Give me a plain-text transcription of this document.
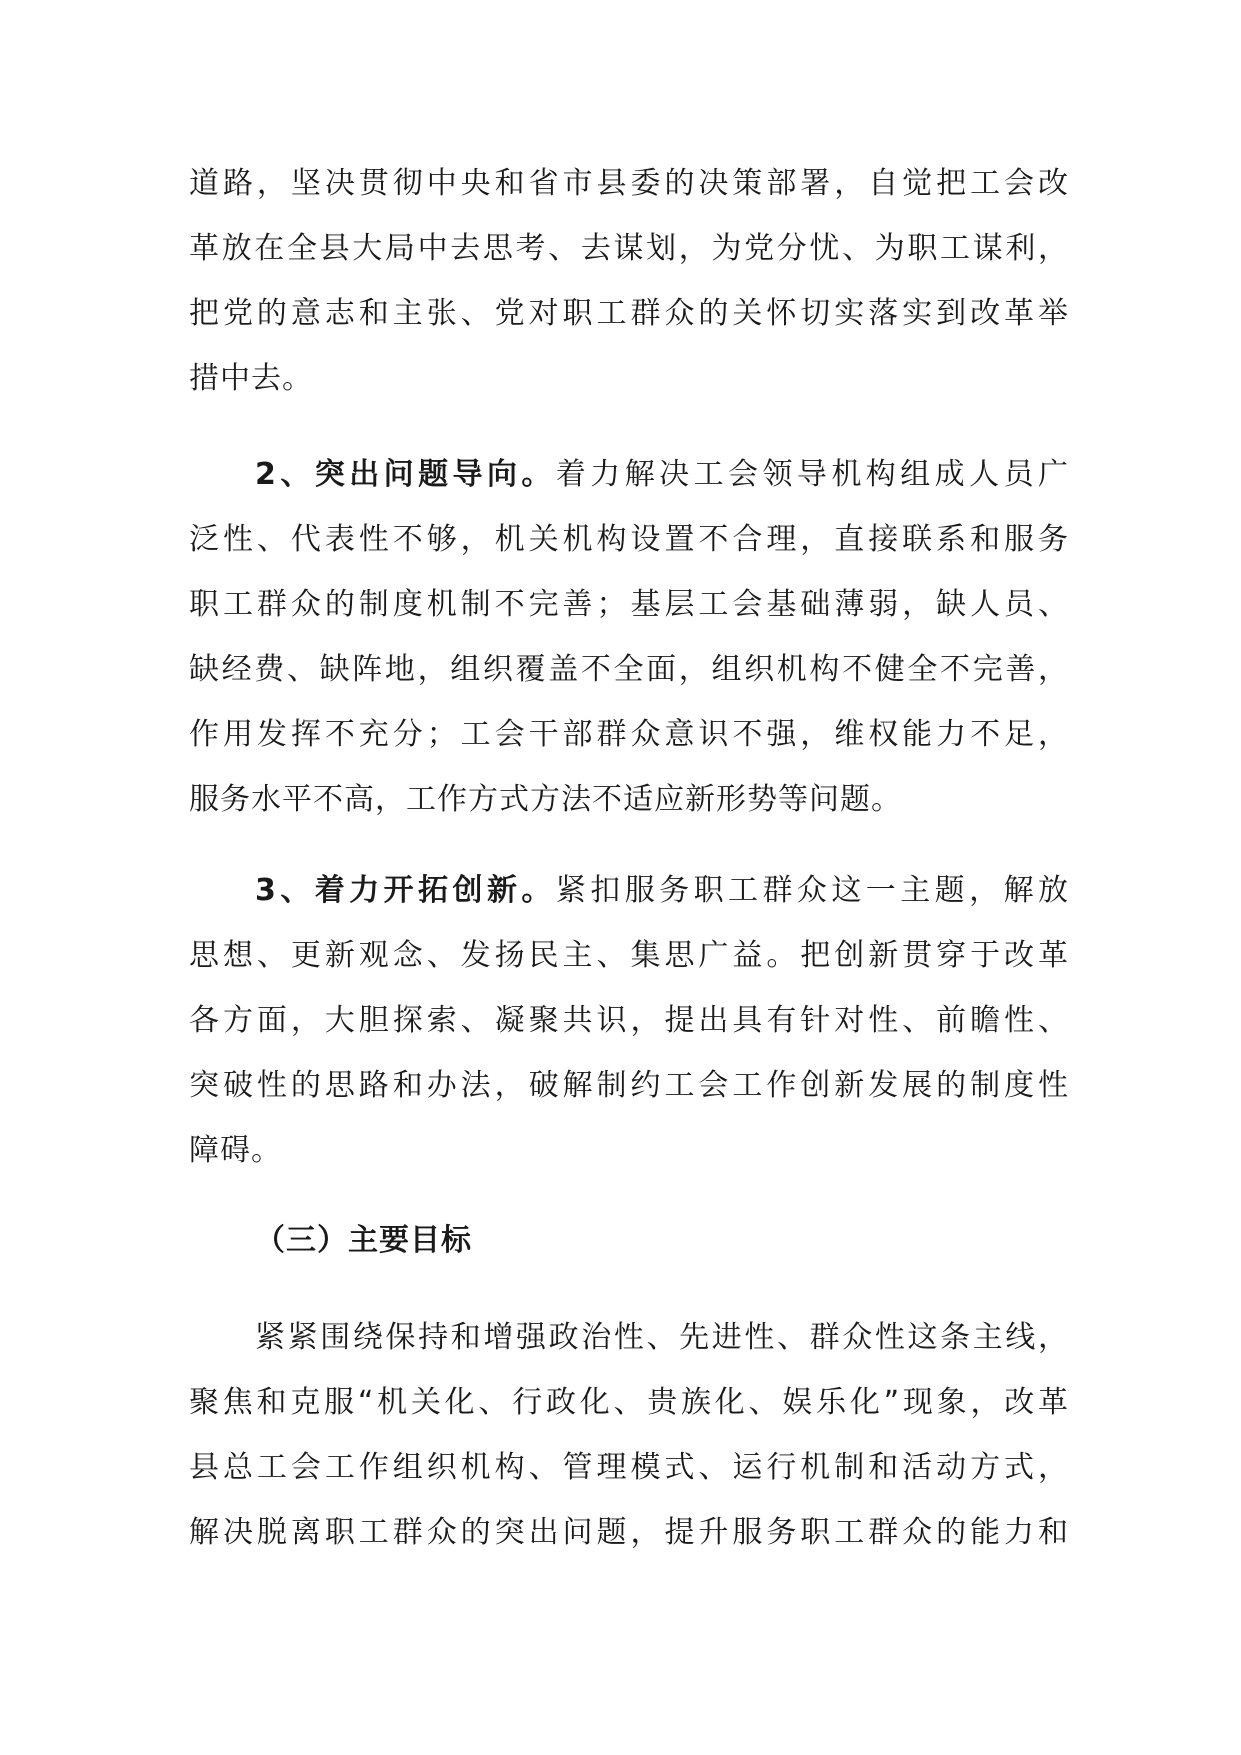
道路，坚决贯彻中央和省市县委的决策部署，自觉把工会改
革放在全县大局中去思考、去谋划，为党分忧、为职工谋利，
把党的意志和主张、党对职工群众的关怀切实落实到改革举
措中去。
2、突出问题导向。着力解决工会领导机构组成人员广
泛性、代表性不够，机关机构设置不合理，直接联系和服务
职工群众的制度机制不完善；基层工会基础薄弱，缺人员、
缺经费、缺阵地，组织覆盖不全面，组织机构不健全不完善，
作用发挥不充分；工会干部群众意识不强，维权能力不足，
服务水平不高，工作方式方法不适应新形势等问题。
3、着力开拓创新。紧扣服务职工群众这一主题，解放
思想、更新观念、发扬民主、集思广益。把创新贯穿于改革
各方面，大胆探索、凝聚共识，提出具有针对性、前瞻性、
突破性的思路和办法，破解制约工会工作创新发展的制度性
障碍。
（三）主要目标
紧紧围绕保持和增强政治性、先进性、群众性这条主线，
聚焦和克服“机关化、行政化、贵族化、娱乐化”现象，改革
县总工会工作组织机构、管理模式、运行机制和活动方式，
解决脱离职工群众的突出问题，提升服务职工群众的能力和
